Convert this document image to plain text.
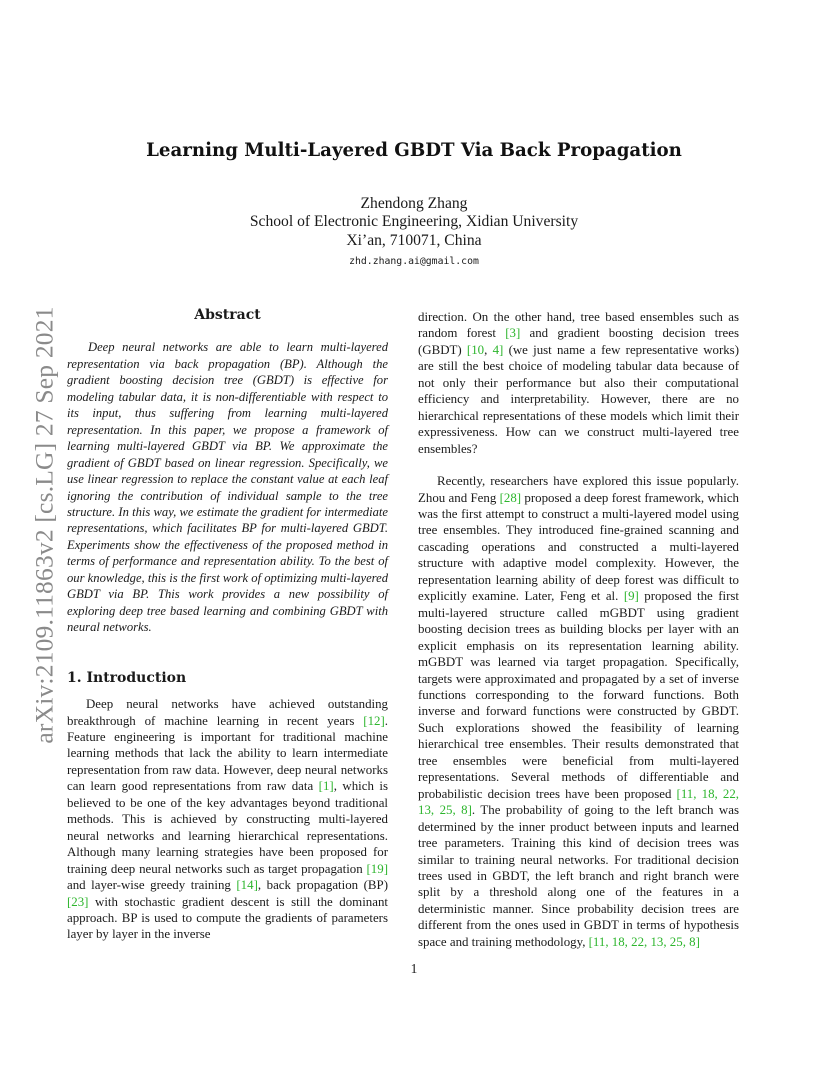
arXiv:2109.11863v2 [cs.LG] 27 Sep 2021
Learning Multi-Layered GBDT Via Back Propagation
Zhendong Zhang
School of Electronic Engineering, Xidian University
Xi’an, 710071, China
zhd.zhang.ai@gmail.com
Abstract

Deep neural networks are able to learn multi-layered representation via back propagation (BP). Although the gradient boosting decision tree (GBDT) is effective for modeling tabular data, it is non-differentiable with respect to its input, thus suffering from learning multi-layered representation. In this paper, we propose a framework of learning multi-layered GBDT via BP. We approximate the gradient of GBDT based on linear regression. Specifically, we use linear regression to replace the constant value at each leaf ignoring the contribution of individual sample to the tree structure. In this way, we estimate the gradient for intermediate representations, which facilitates BP for multi-layered GBDT. Experiments show the effectiveness of the proposed method in terms of performance and representation ability. To the best of our knowledge, this is the first work of optimizing multi-layered GBDT via BP. This work provides a new possibility of exploring deep tree based learning and combining GBDT with neural networks.

1. Introduction

Deep neural networks have achieved outstanding breakthrough of machine learning in recent years [12]. Feature engineering is important for traditional machine learning methods that lack the ability to learn intermediate representation from raw data. However, deep neural networks can learn good representations from raw data [1], which is believed to be one of the key advantages beyond traditional methods. This is achieved by constructing multi-layered neural networks and learning hierarchical representations. Although many learning strategies have been proposed for training deep neural networks such as target propagation [19] and layer-wise greedy training [14], back propagation (BP) [23] with stochastic gradient descent is still the dominant approach. BP is used to compute the gradients of parameters layer by layer in the inverse

direction. On the other hand, tree based ensembles such as random forest [3] and gradient boosting decision trees (GBDT) [10, 4] (we just name a few representative works) are still the best choice of modeling tabular data because of not only their performance but also their computational efficiency and interpretability. However, there are no hierarchical representations of these models which limit their expressiveness. How can we construct multi-layered tree ensembles?

Recently, researchers have explored this issue popularly. Zhou and Feng [28] proposed a deep forest framework, which was the first attempt to construct a multi-layered model using tree ensembles. They introduced fine-grained scanning and cascading operations and constructed a multi-layered structure with adaptive model complexity. However, the representation learning ability of deep forest was difficult to explicitly examine. Later, Feng et al. [9] proposed the first multi-layered structure called mGBDT using gradient boosting decision trees as building blocks per layer with an explicit emphasis on its representation learning ability. mGBDT was learned via target propagation. Specifically, targets were approximated and propagated by a set of inverse functions corresponding to the forward functions. Both inverse and forward functions were constructed by GBDT. Such explorations showed the feasibility of learning hierarchical tree ensembles. Their results demonstrated that tree ensembles were beneficial from multi-layered representations. Several methods of differentiable and probabilistic decision trees have been proposed [11, 18, 22, 13, 25, 8]. The probability of going to the left branch was determined by the inner product between inputs and learned tree parameters. Training this kind of decision trees was similar to training neural networks. For traditional decision trees used in GBDT, the left branch and right branch were split by a threshold along one of the features in a deterministic manner. Since probability decision trees are different from the ones used in GBDT in terms of hypothesis space and training methodology, [11, 18, 22, 13, 25, 8]

1
